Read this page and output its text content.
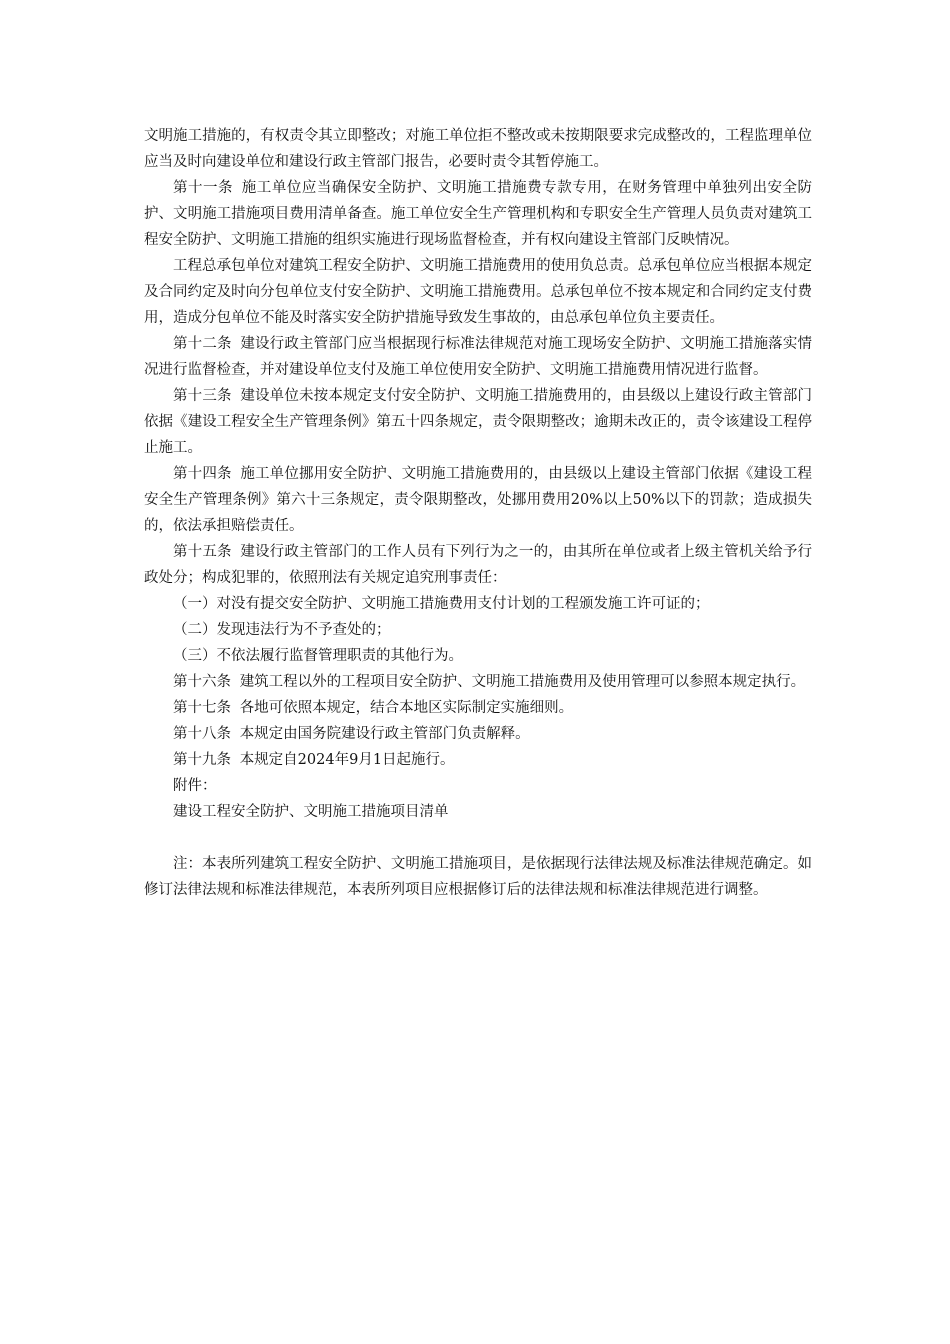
文明施工措施的，有权责令其立即整改；对施工单位拒不整改或未按期限要求完成整改的，工程监理单位应当及时向建设单位和建设行政主管部门报告，必要时责令其暂停施工。

第十一条 施工单位应当确保安全防护、文明施工措施费专款专用，在财务管理中单独列出安全防护、文明施工措施项目费用清单备查。施工单位安全生产管理机构和专职安全生产管理人员负责对建筑工程安全防护、文明施工措施的组织实施进行现场监督检查，并有权向建设主管部门反映情况。

工程总承包单位对建筑工程安全防护、文明施工措施费用的使用负总责。总承包单位应当根据本规定及合同约定及时向分包单位支付安全防护、文明施工措施费用。总承包单位不按本规定和合同约定支付费用，造成分包单位不能及时落实安全防护措施导致发生事故的，由总承包单位负主要责任。

第十二条 建设行政主管部门应当根据现行标准法律规范对施工现场安全防护、文明施工措施落实情况进行监督检查，并对建设单位支付及施工单位使用安全防护、文明施工措施费用情况进行监督。

第十三条 建设单位未按本规定支付安全防护、文明施工措施费用的，由县级以上建设行政主管部门依据《建设工程安全生产管理条例》第五十四条规定，责令限期整改；逾期未改正的，责令该建设工程停止施工。

第十四条 施工单位挪用安全防护、文明施工措施费用的，由县级以上建设主管部门依据《建设工程安全生产管理条例》第六十三条规定，责令限期整改，处挪用费用20%以上50%以下的罚款；造成损失的，依法承担赔偿责任。

第十五条 建设行政主管部门的工作人员有下列行为之一的，由其所在单位或者上级主管机关给予行政处分；构成犯罪的，依照刑法有关规定追究刑事责任：

（一）对没有提交安全防护、文明施工措施费用支付计划的工程颁发施工许可证的；

（二）发现违法行为不予查处的；

（三）不依法履行监督管理职责的其他行为。

第十六条 建筑工程以外的工程项目安全防护、文明施工措施费用及使用管理可以参照本规定执行。

第十七条 各地可依照本规定，结合本地区实际制定实施细则。

第十八条 本规定由国务院建设行政主管部门负责解释。

第十九条 本规定自2024年9月1日起施行。

附件：

建设工程安全防护、文明施工措施项目清单

注：本表所列建筑工程安全防护、文明施工措施项目，是依据现行法律法规及标准法律规范确定。如修订法律法规和标准法律规范，本表所列项目应根据修订后的法律法规和标准法律规范进行调整。
